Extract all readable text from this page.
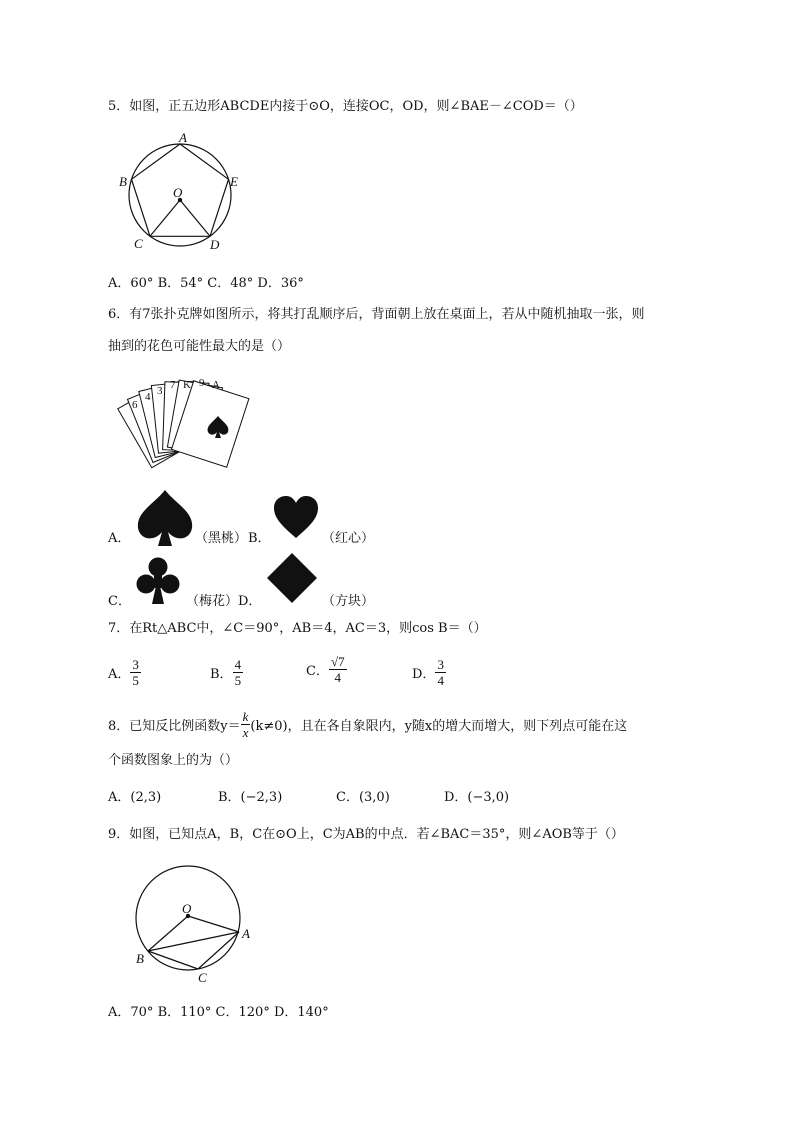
5．如图，正五边形ABCDE内接于⊙O，连接OC，OD，则∠BAE－∠COD＝（）
A
B
C	D
E
O
A．60° B．54° C．48° D．36°
6．有7张扑克牌如图所示，将其打乱顺序后，背面朝上放在桌面上，若从中随机抽取一张，则
抽到的花色可能性最大的是（）
6
4 3 7 K 9 A
A．	（黑桃） B．	（红心）
C．	（梅花） D．	（方块）
7．在Rt△ABC中，∠C＝90°，AB＝4，AC＝3，则cos B＝（）
A． $\frac{3}{5}$	B． $\frac{4}{5}$	C． $\frac{√7}{4}$	D． $\frac{3}{4}$
8．已知反比例函数$y= \frac{k}{x} (k\ne 0)$，且在各自象限内，y随x的增大而增大，则下列点可能在这
个函数图象上的为（）
A．(2,3)	B．(−2,3)	C．(3,0)	D．(−3,0)
9．如图，已知点A，B，C在⊙O上，C为AB的中点．若∠BAC＝35°，则∠AOB等于（）
O
A
B
C
A．70° B．110° C．120° D．140°
